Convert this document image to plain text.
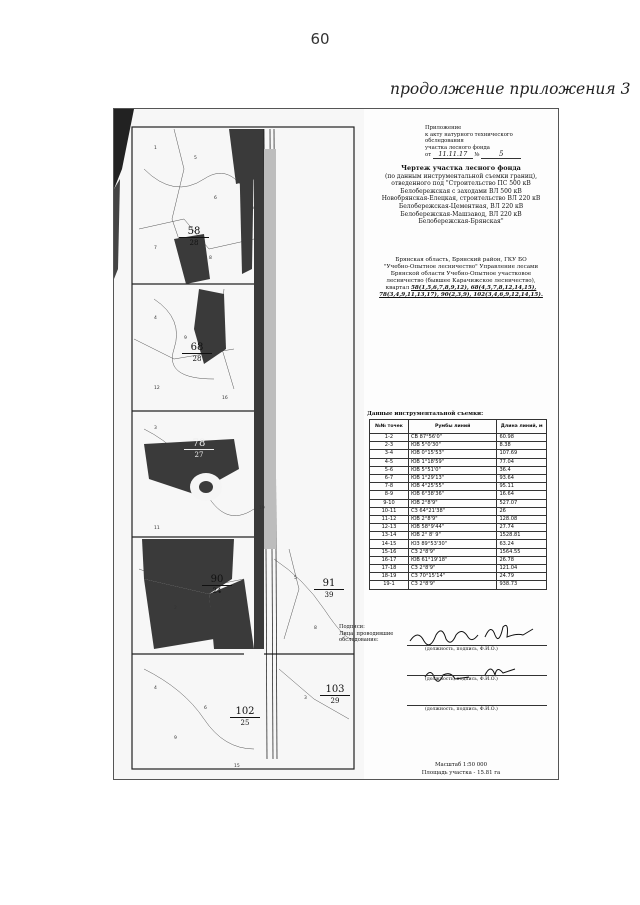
60
продолжение приложения 3
1
5
6
7
8
4
9
12
16
3
11
2
4
6
9
5
8
3
15
19
58
28
68
28
78
27
90
24
91
39
102
25
103
29
Приложение
к акту натурного технического обследования
участка лесного фонда
от 11.11.17 №	5
Чертеж участка лесного фонда
(по данным инструментальной съемки границ),
отведенного под "Строительство ПС 500 кВ
Белобережская с заходами ВЛ 500 кВ
Новобрянская-Елецкая, строительство ВЛ 220 кВ
Белобережская-Цементная, ВЛ 220 кВ
Белобережская-Машзавод, ВЛ 220 кВ
Белобережская-Брянская"
Брянская область, Брянский район, ГКУ БО
"Учебно-Опытное лесничество" Управление лесами
Брянской области Учебно-Опытное участковое
лесничество (бывшее Карачижское лесничество),
квартал 58(1,5,6,7,8,9,12), 68(4,5,7,8,12,14,15),
78(3,4,9,11,13,17), 90(2,3,9), 102(3,4,6,9,12,14,15).
Данные инструментальной съемки:
№№ точек	Румбы линий	Длина линий, м
1-2	СВ 87°56'0"	60.98
2-3	ЮВ 5°0'30"	8.38
3-4	ЮВ 0°15'53"	107.69
4-5	ЮВ 1°18'59"	77.04
5-6	ЮВ 5°51'0"	36.4
6-7	ЮВ 1°29'13"	93.64
7-8	ЮВ 4°25'55"	95.11
8-9	ЮВ 6°38'36"	16.64
9-10	ЮВ 2°8'9"	527.07
10-11	СЗ 64°21'38"	26
11-12	ЮВ 2°8'9"	128.08
12-13	ЮВ 58°9'44"	27.74
13-14	ЮВ 2° 8' 9"	1528.81
14-15	ЮЗ 89°53'30"	63.24
15-16	СЗ 2°8'9"	1564.55
16-17	ЮВ 61°19'18"	26.78
17-18	СЗ 2°8'9"	121.04
18-19	СЗ 70°15'14"	24.79
19-1	СЗ 2°8'9"	938.73
Подписи:
Лица, проводившие
обследование:
(должность, подпись, Ф.И.О.)
(должность, подпись, Ф.И.О.)
(должность, подпись, Ф.И.О.)
Масштаб 1:50 000
Площадь участка - 15.81 га
